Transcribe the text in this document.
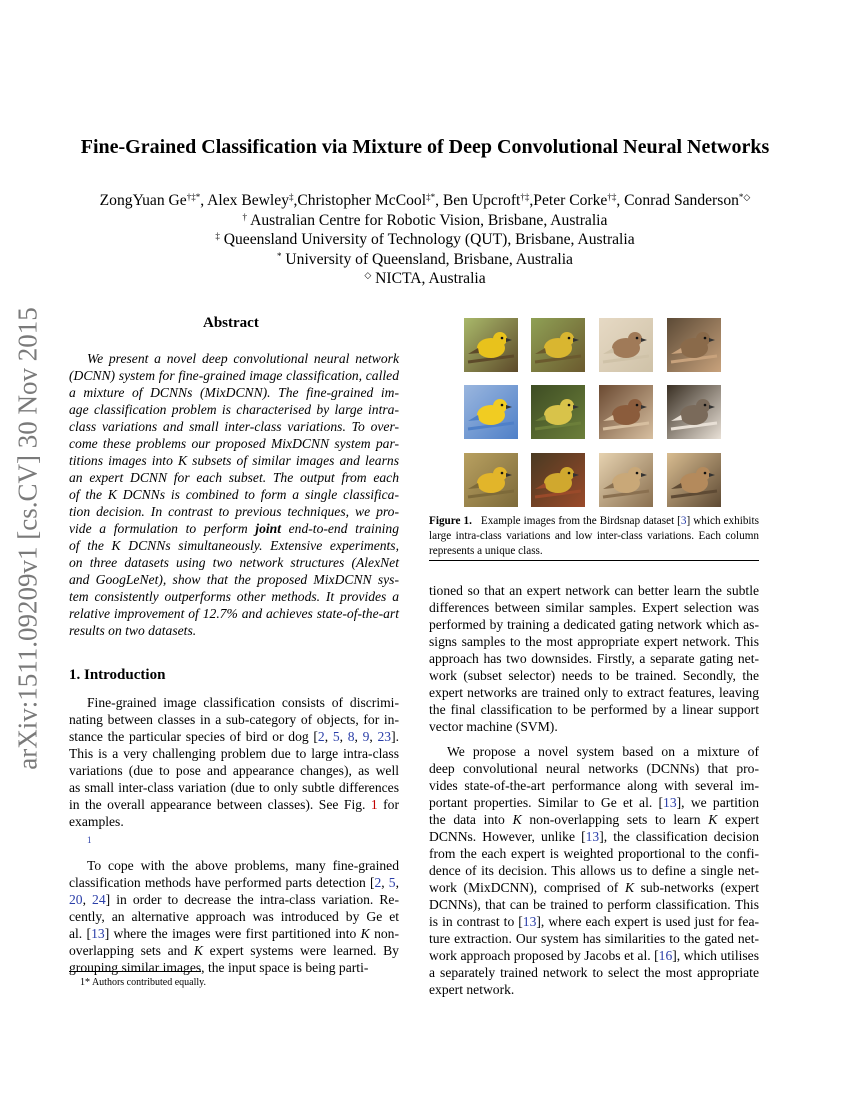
arXiv:1511.09209v1 [cs.CV] 30 Nov 2015
Fine-Grained Classification via Mixture of Deep Convolutional Neural Networks
ZongYuan Ge†‡*, Alex Bewley‡,Christopher McCool‡*, Ben Upcroft†‡,Peter Corke†‡, Conrad Sanderson*◇
† Australian Centre for Robotic Vision, Brisbane, Australia
‡ Queensland University of Technology (QUT), Brisbane, Australia
* University of Queensland, Brisbane, Australia
◇ NICTA, Australia
Abstract
We present a novel deep convolutional neural network
(DCNN) system for fine-grained image classification, called
a mixture of DCNNs (MixDCNN). The fine-grained im-
age classification problem is characterised by large intra-
class variations and small inter-class variations. To over-
come these problems our proposed MixDCNN system par-
titions images into K subsets of similar images and learns
an expert DCNN for each subset. The output from each
of the K DCNNs is combined to form a single classifica-
tion decision. In contrast to previous techniques, we pro-
vide a formulation to perform joint end-to-end training
of the K DCNNs simultaneously. Extensive experiments,
on three datasets using two network structures (AlexNet
and GoogLeNet), show that the proposed MixDCNN sys-
tem consistently outperforms other methods. It provides a
relative improvement of 12.7% and achieves state-of-the-art
results on two datasets.
1. Introduction
Fine-grained image classification consists of discrimi-
nating between classes in a sub-category of objects, for in-
stance the particular species of bird or dog [2, 5, 8, 9, 23].
This is a very challenging problem due to large intra-class
variations (due to pose and appearance changes), as well
as small inter-class variation (due to only subtle differences
in the overall appearance between classes). See Fig. 1 for
examples.
1
To cope with the above problems, many fine-grained
classification methods have performed parts detection [2, 5,
20, 24] in order to decrease the intra-class variation. Re-
cently, an alternative approach was introduced by Ge et
al. [13] where the images were first partitioned into K non-
overlapping sets and K expert systems were learned. By
grouping similar images, the input space is being parti-
1* Authors contributed equally.
Figure 1. Example images from the Birdsnap dataset [3] which exhibits large intra-class variations and low inter-class variations. Each column represents a unique class.
tioned so that an expert network can better learn the subtle
differences between similar samples. Expert selection was
performed by training a dedicated gating network which as-
signs samples to the most appropriate expert network. This
approach has two downsides. Firstly, a separate gating net-
work (subset selector) needs to be trained. Secondly, the
expert networks are trained only to extract features, leaving
the final classification to be performed by a linear support
vector machine (SVM).
We propose a novel system based on a mixture of
deep convolutional neural networks (DCNNs) that pro-
vides state-of-the-art performance along with several im-
portant properties. Similar to Ge et al. [13], we partition
the data into K non-overlapping sets to learn K expert
DCNNs. However, unlike [13], the classification decision
from the each expert is weighted proportional to the confi-
dence of its decision. This allows us to define a single net-
work (MixDCNN), comprised of K sub-networks (expert
DCNNs), that can be trained to perform classification. This
is in contrast to [13], where each expert is used just for fea-
ture extraction. Our system has similarities to the gated net-
work approach proposed by Jacobs et al. [16], which utilises
a separately trained network to select the most appropriate
expert network.
